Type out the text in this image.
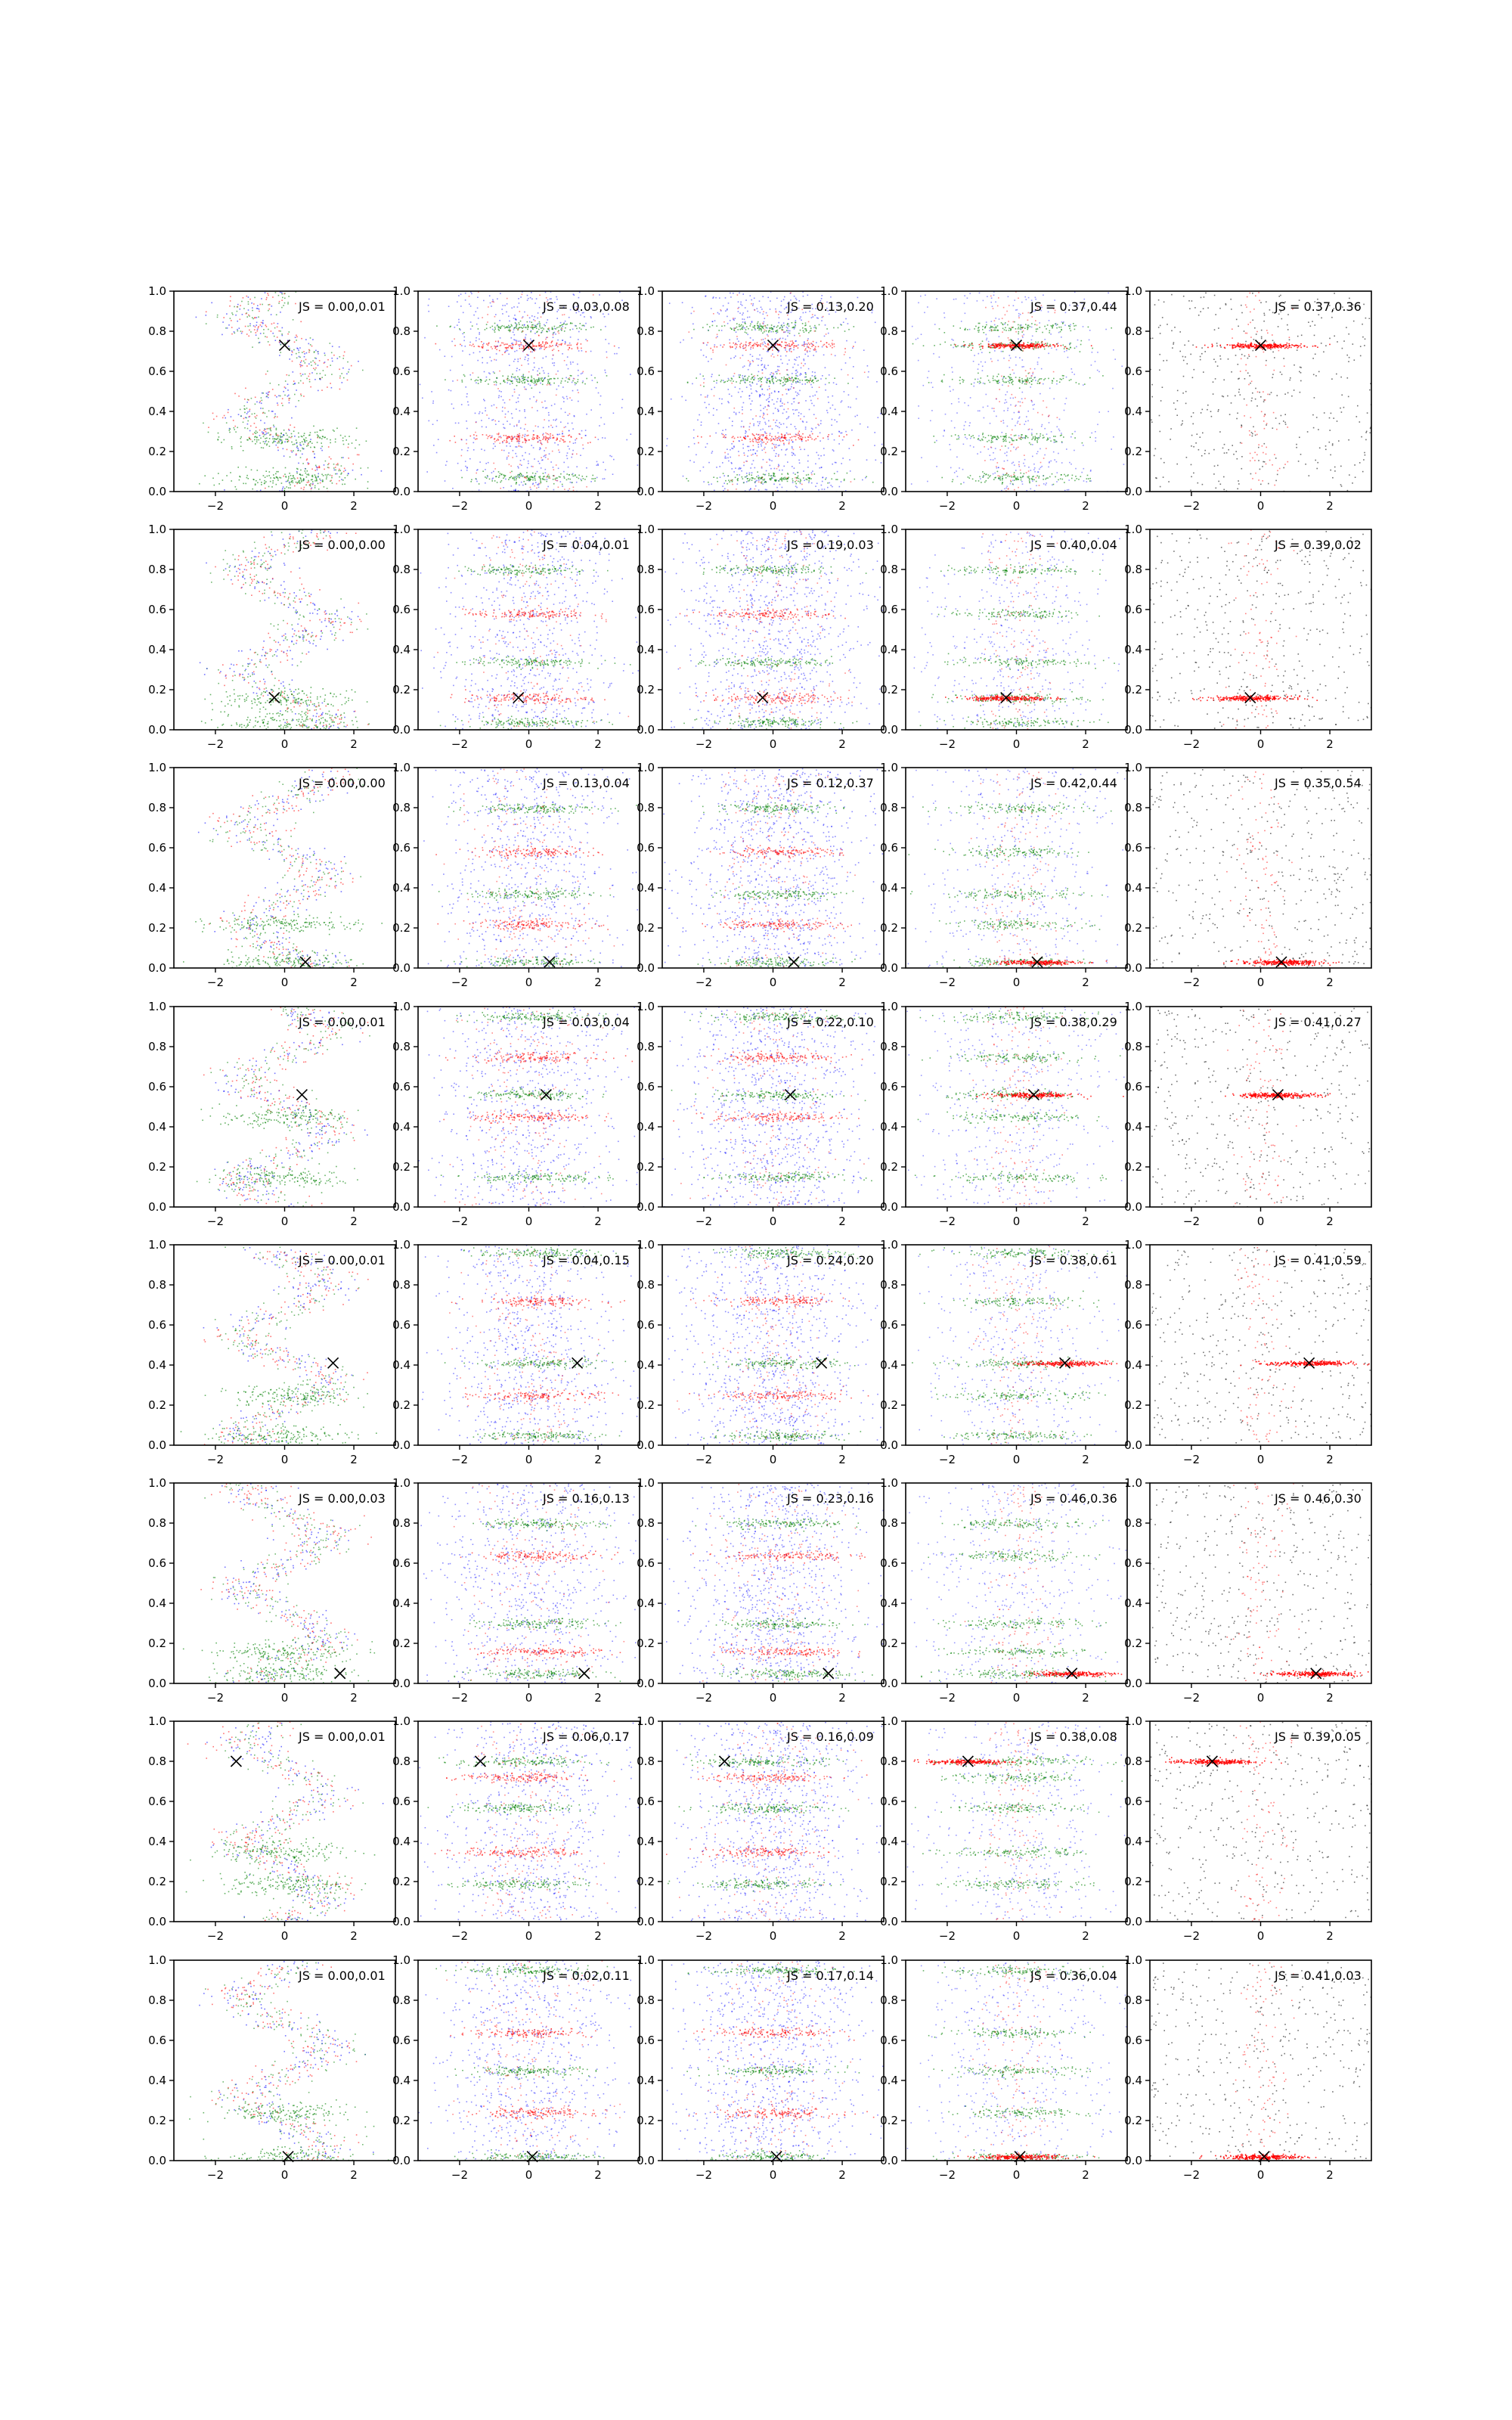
−2	0	2
0.0
0.2
0.4
0.6
0.8
1.0
JS = 0.00,0.01
−2	0	2
0.0
0.2
0.4
0.6
0.8
1.0
JS = 0.03,0.08
−2	0	2
0.0
0.2
0.4
0.6
0.8
1.0
JS = 0.13,0.20
−2	0	2
0.0
0.2
0.4
0.6
0.8
1.0
JS = 0.37,0.44
−2	0	2
0.0
0.2
0.4
0.6
0.8
1.0
JS = 0.37,0.36
−2	0	2
0.0
0.2
0.4
0.6
0.8
1.0
JS = 0.00,0.00
−2	0	2
0.0
0.2
0.4
0.6
0.8
1.0
JS = 0.04,0.01
−2	0	2
0.0
0.2
0.4
0.6
0.8
1.0
JS = 0.19,0.03
−2	0	2
0.0
0.2
0.4
0.6
0.8
1.0
JS = 0.40,0.04
−2	0	2
0.0
0.2
0.4
0.6
0.8
1.0
JS = 0.39,0.02
−2	0	2
0.0
0.2
0.4
0.6
0.8
1.0
JS = 0.00,0.00
−2	0	2
0.0
0.2
0.4
0.6
0.8
1.0
JS = 0.13,0.04
−2	0	2
0.0
0.2
0.4
0.6
0.8
1.0
JS = 0.12,0.37
−2	0	2
0.0
0.2
0.4
0.6
0.8
1.0
JS = 0.42,0.44
−2	0	2
0.0
0.2
0.4
0.6
0.8
1.0
JS = 0.35,0.54
−2	0	2
0.0
0.2
0.4
0.6
0.8
1.0
JS = 0.00,0.01
−2	0	2
0.0
0.2
0.4
0.6
0.8
1.0
JS = 0.03,0.04
−2	0	2
0.0
0.2
0.4
0.6
0.8
1.0
JS = 0.22,0.10
−2	0	2
0.0
0.2
0.4
0.6
0.8
1.0
JS = 0.38,0.29
−2	0	2
0.0
0.2
0.4
0.6
0.8
1.0
JS = 0.41,0.27
−2	0	2
0.0
0.2
0.4
0.6
0.8
1.0
JS = 0.00,0.01
−2	0	2
0.0
0.2
0.4
0.6
0.8
1.0
JS = 0.04,0.15
−2	0	2
0.0
0.2
0.4
0.6
0.8
1.0
JS = 0.24,0.20
−2	0	2
0.0
0.2
0.4
0.6
0.8
1.0
JS = 0.38,0.61
−2	0	2
0.0
0.2
0.4
0.6
0.8
1.0
JS = 0.41,0.59
−2	0	2
0.0
0.2
0.4
0.6
0.8
1.0
JS = 0.00,0.03
−2	0	2
0.0
0.2
0.4
0.6
0.8
1.0
JS = 0.16,0.13
−2	0	2
0.0
0.2
0.4
0.6
0.8
1.0
JS = 0.23,0.16
−2	0	2
0.0
0.2
0.4
0.6
0.8
1.0
JS = 0.46,0.36
−2	0	2
0.0
0.2
0.4
0.6
0.8
1.0
JS = 0.46,0.30
−2	0	2
0.0
0.2
0.4
0.6
0.8
1.0
JS = 0.00,0.01
−2	0	2
0.0
0.2
0.4
0.6
0.8
1.0
JS = 0.06,0.17
−2	0	2
0.0
0.2
0.4
0.6
0.8
1.0
JS = 0.16,0.09
−2	0	2
0.0
0.2
0.4
0.6
0.8
1.0
JS = 0.38,0.08
−2	0	2
0.0
0.2
0.4
0.6
0.8
1.0
JS = 0.39,0.05
−2	0	2
0.0
0.2
0.4
0.6
0.8
1.0
JS = 0.00,0.01
−2	0	2
0.0
0.2
0.4
0.6
0.8
1.0
JS = 0.02,0.11
−2	0	2
0.0
0.2
0.4
0.6
0.8
1.0
JS = 0.17,0.14
−2	0	2
0.0
0.2
0.4
0.6
0.8
1.0
JS = 0.36,0.04
−2	0	2
0.0
0.2
0.4
0.6
0.8
1.0
JS = 0.41,0.03
